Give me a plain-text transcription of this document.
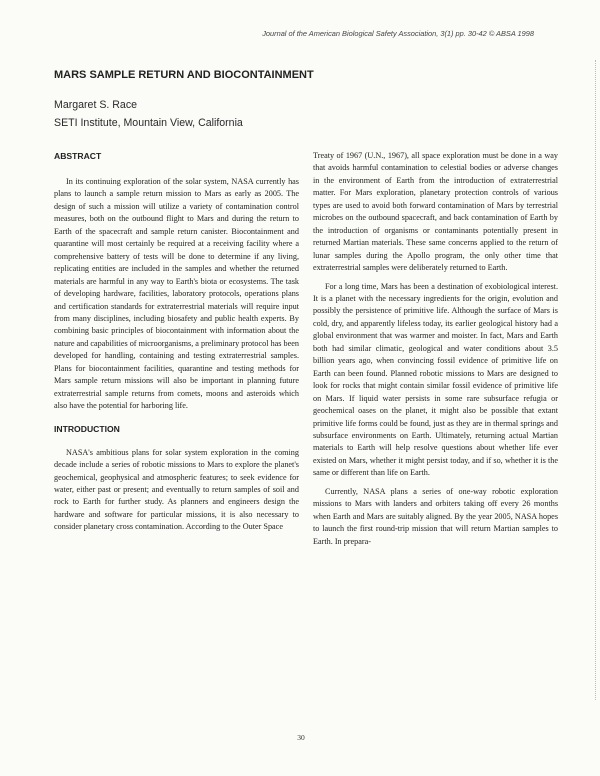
Journal of the American Biological Safety Association, 3(1) pp. 30-42 © ABSA 1998
MARS SAMPLE RETURN AND BIOCONTAINMENT

Margaret S. Race

SETI Institute, Mountain View, California

ABSTRACT

In its continuing exploration of the solar system, NASA currently has plans to launch a sample return mission to Mars as early as 2005. The design of such a mission will utilize a variety of contamination control measures, both on the outbound flight to Mars and during the return to Earth of the spacecraft and sample return canister. Biocontainment and quarantine will most certainly be required at a receiving facility where a comprehensive battery of tests will be done to determine if any living, replicating entities are included in the samples and whether the returned materials are harmful in any way to Earth's biota or ecosystems. The task of developing hardware, facilities, laboratory protocols, operations plans and certification standards for extraterrestrial materials will require input from many disciplines, including biosafety and public health experts. By combining basic principles of biocontainment with information about the nature and capabilities of microorganisms, a preliminary protocol has been developed for handling, containing and testing extraterrestrial samples. Plans for biocontainment facilities, quarantine and testing methods for Mars sample return missions will also be important in planning future extraterrestrial sample returns from comets, moons and asteroids which also have the potential for harboring life.

INTRODUCTION

NASA's ambitious plans for solar system exploration in the coming decade include a series of robotic missions to Mars to explore the planet's geochemical, geophysical and atmospheric features; to seek evidence for water, either past or present; and eventually to return samples of soil and rock to Earth for further study. As planners and engineers design the hardware and software for particular missions, it is also necessary to consider planetary cross contamination. According to the Outer Space

Treaty of 1967 (U.N., 1967), all space exploration must be done in a way that avoids harmful contamination to celestial bodies or adverse changes in the environment of Earth from the introduction of extraterrestrial matter. For Mars exploration, planetary protection controls of various types are used to avoid both forward contamination of Mars by terrestrial microbes on the outbound spacecraft, and back contamination of Earth by the introduction of organisms or contaminants potentially present in returned Martian materials. These same concerns applied to the return of lunar samples during the Apollo program, the only other time that extraterrestrial samples were deliberately returned to Earth.

For a long time, Mars has been a destination of exobiological interest. It is a planet with the necessary ingredients for the origin, evolution and possibly the persistence of primitive life. Although the surface of Mars is cold, dry, and apparently lifeless today, its earlier geological history had a global environment that was warmer and moister. In fact, Mars and Earth both had similar climatic, geological and water conditions about 3.5 billion years ago, when convincing fossil evidence of primitive life on Earth can been found. Planned robotic missions to Mars are designed to look for rocks that might contain similar fossil evidence of primitive life on Mars. If liquid water persists in some rare subsurface refugia or geochemical oases on the planet, it might also be possible that extant primitive life forms could be found, just as they are in thermal springs and subsurface environments on Earth. Ultimately, returning actual Martian materials to Earth will help resolve questions about whether life ever existed on Mars, whether it might persist today, and if so, whether it is the same or different than life on Earth.

Currently, NASA plans a series of one-way robotic exploration missions to Mars with landers and orbiters taking off every 26 months when Earth and Mars are suitably aligned. By the year 2005, NASA hopes to launch the first round-trip mission that will return Martian samples to Earth. In prepara-

30
